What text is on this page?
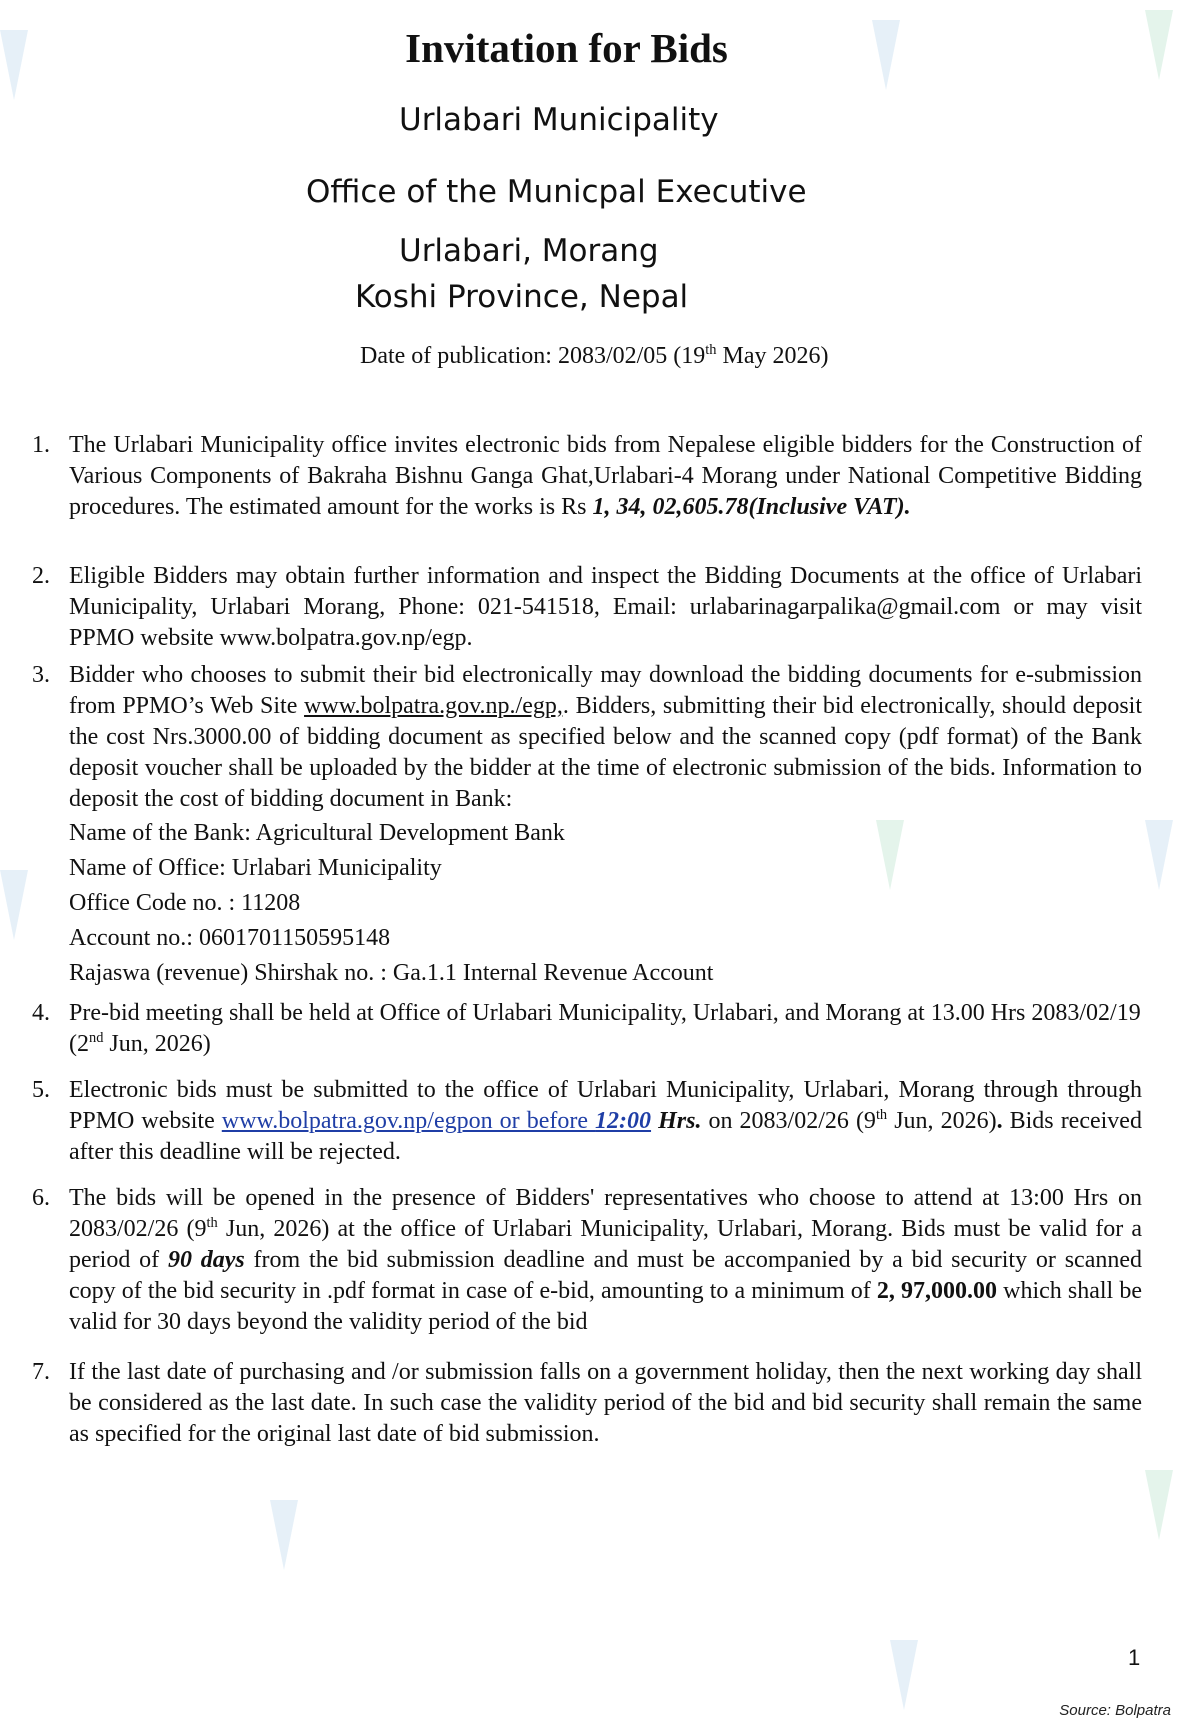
Invitation for Bids
Urlabari Municipality
Office of the Municpal Executive
Urlabari, Morang
Koshi Province, Nepal
Date of publication: 2083/02/05 (19th May 2026)
1. The Urlabari Municipality office invites electronic bids from Nepalese eligible bidders for the Construction of Various Components of Bakraha Bishnu Ganga Ghat,Urlabari-4 Morang under National Competitive Bidding procedures. The estimated amount for the works is Rs 1, 34, 02,605.78(Inclusive VAT).
2. Eligible Bidders may obtain further information and inspect the Bidding Documents at the office of Urlabari Municipality, Urlabari Morang, Phone: 021-541518, Email: urlabarinagarpalika@gmail.com or may visit PPMO website www.bolpatra.gov.np/egp.
3. Bidder who chooses to submit their bid electronically may download the bidding documents for e-submission from PPMO’s Web Site www.bolpatra.gov.np./egp,. Bidders, submitting their bid electronically, should deposit the cost Nrs.3000.00 of bidding document as specified below and the scanned copy (pdf format) of the Bank deposit voucher shall be uploaded by the bidder at the time of electronic submission of the bids. Information to deposit the cost of bidding document in Bank:
Name of the Bank: Agricultural Development Bank
Name of Office: Urlabari Municipality
Office Code no. : 11208
Account no.: 0601701150595148
Rajaswa (revenue) Shirshak no. : Ga.1.1 Internal Revenue Account
4. Pre-bid meeting shall be held at Office of Urlabari Municipality, Urlabari, and Morang at 13.00 Hrs 2083/02/19 (2nd Jun, 2026)
5. Electronic bids must be submitted to the office of Urlabari Municipality, Urlabari, Morang through through PPMO website www.bolpatra.gov.np/egpon or before 12:00 Hrs. on 2083/02/26 (9th Jun, 2026). Bids received after this deadline will be rejected.
6. The bids will be opened in the presence of Bidders' representatives who choose to attend at 13:00 Hrs on 2083/02/26 (9th Jun, 2026) at the office of Urlabari Municipality, Urlabari, Morang. Bids must be valid for a period of 90 days from the bid submission deadline and must be accompanied by a bid security or scanned copy of the bid security in .pdf format in case of e-bid, amounting to a minimum of 2, 97,000.00 which shall be valid for 30 days beyond the validity period of the bid
7. If the last date of purchasing and /or submission falls on a government holiday, then the next working day shall be considered as the last date. In such case the validity period of the bid and bid security shall remain the same as specified for the original last date of bid submission.
1
Source: Bolpatra
